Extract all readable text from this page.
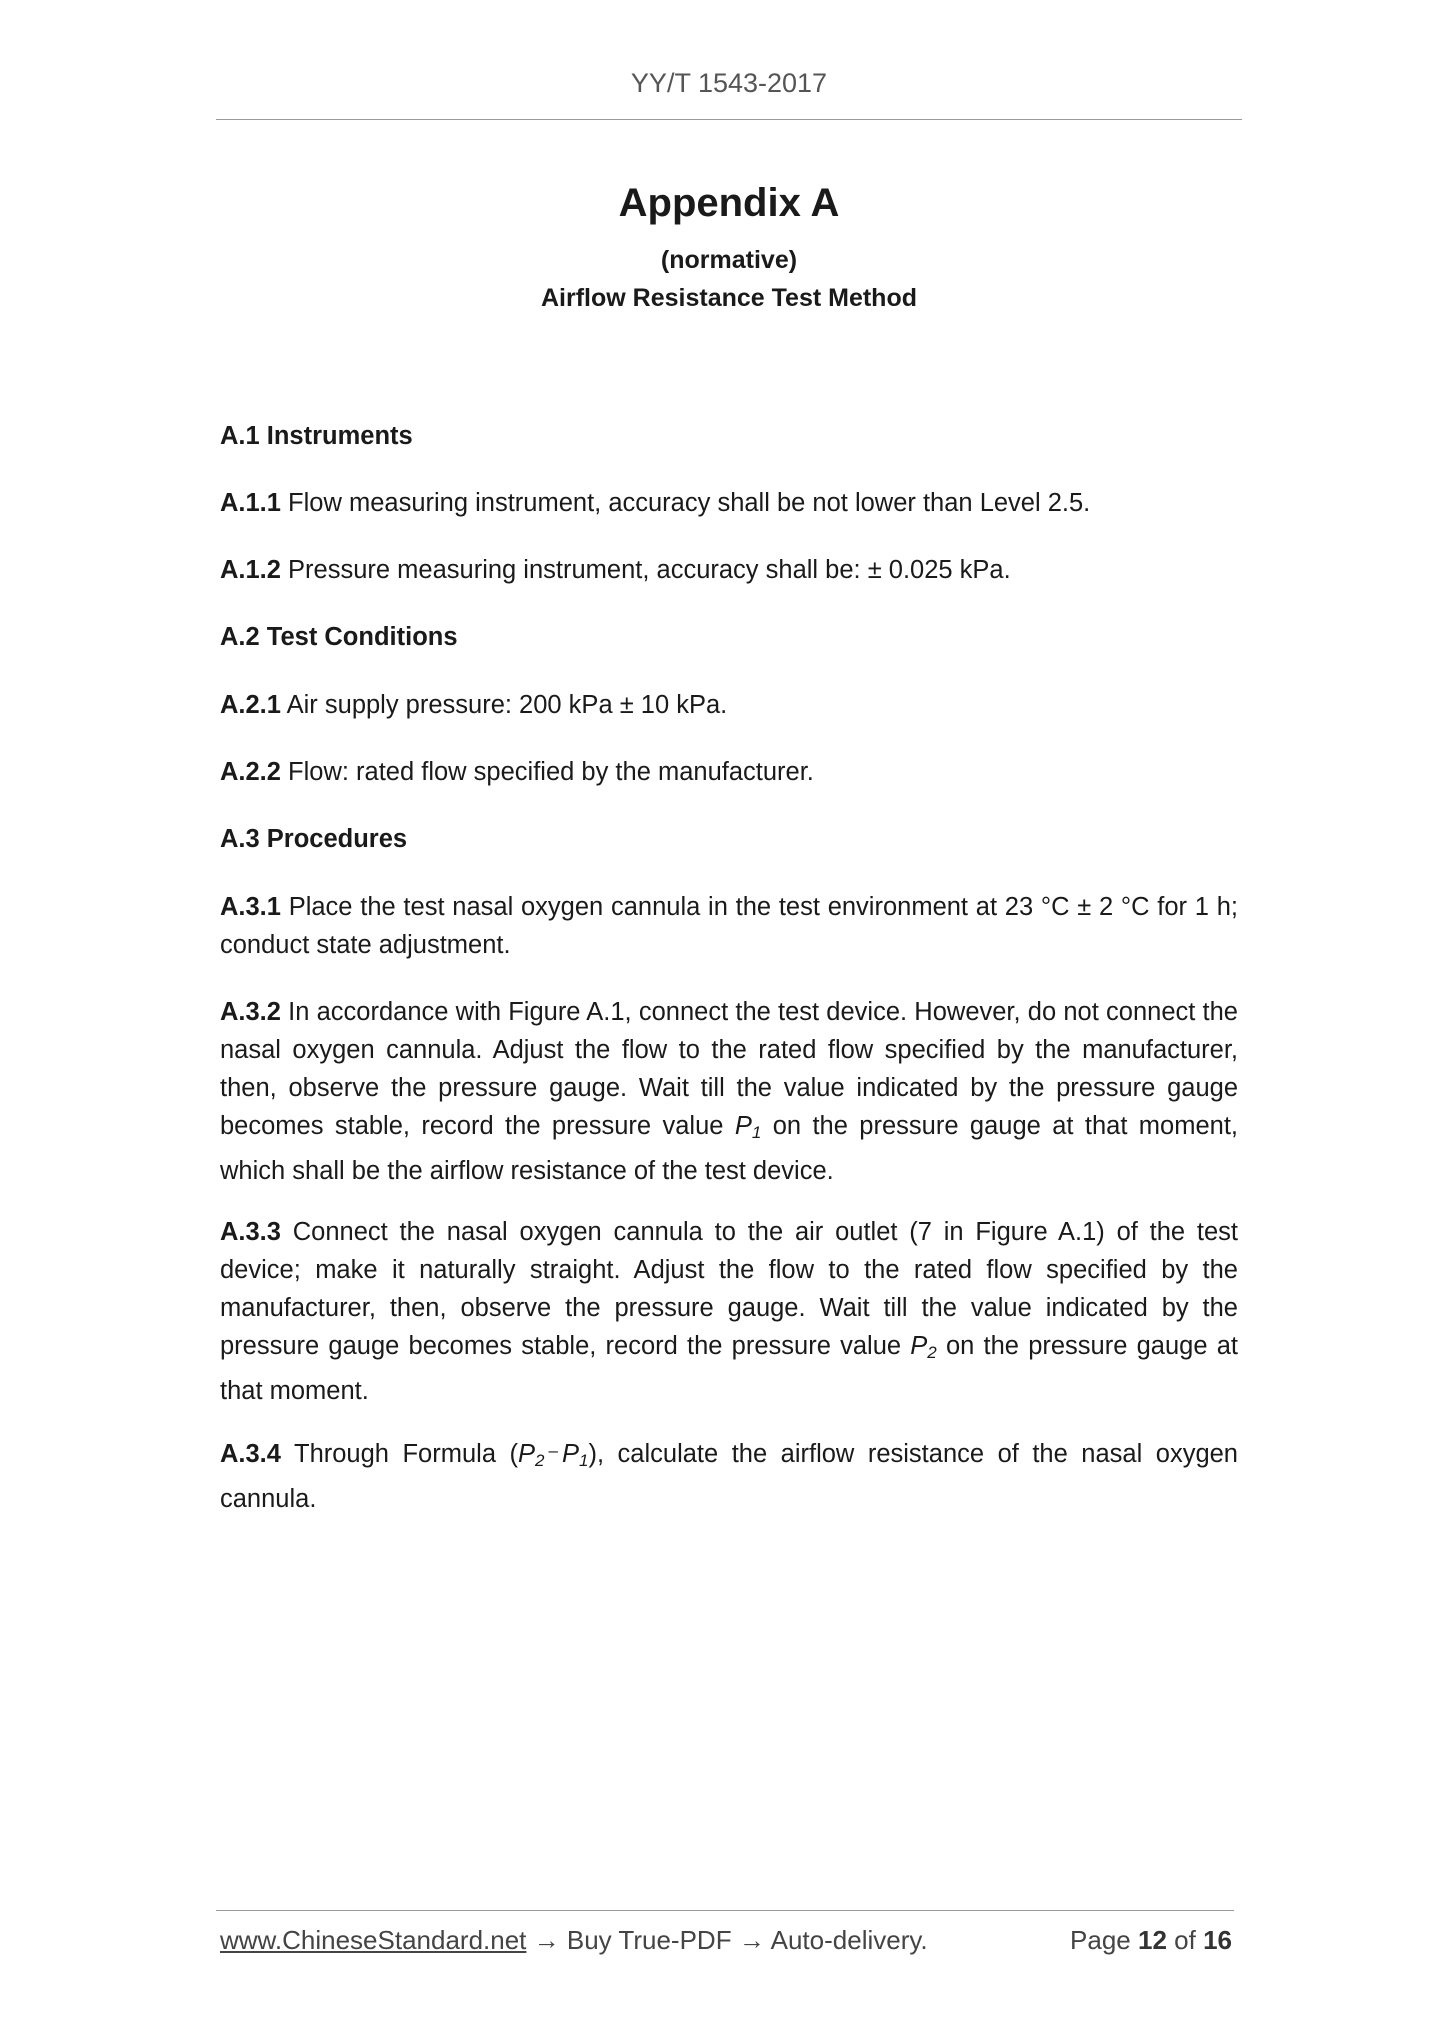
YY/T 1543-2017
Appendix A
(normative)
Airflow Resistance Test Method
A.1 Instruments
A.1.1 Flow measuring instrument, accuracy shall be not lower than Level 2.5.
A.1.2 Pressure measuring instrument, accuracy shall be: ± 0.025 kPa.
A.2 Test Conditions
A.2.1 Air supply pressure: 200 kPa ± 10 kPa.
A.2.2 Flow: rated flow specified by the manufacturer.
A.3 Procedures
A.3.1 Place the test nasal oxygen cannula in the test environment at 23 °C ± 2 °C for 1 h; conduct state adjustment.
A.3.2 In accordance with Figure A.1, connect the test device. However, do not connect the nasal oxygen cannula. Adjust the flow to the rated flow specified by the manufacturer, then, observe the pressure gauge. Wait till the value indicated by the pressure gauge becomes stable, record the pressure value $P_1$ on the pressure gauge at that moment, which shall be the airflow resistance of the test device.
A.3.3 Connect the nasal oxygen cannula to the air outlet (7 in Figure A.1) of the test device; make it naturally straight. Adjust the flow to the rated flow specified by the manufacturer, then, observe the pressure gauge. Wait till the value indicated by the pressure gauge becomes stable, record the pressure value $P_2$ on the pressure gauge at that moment.
A.3.4 Through Formula ($P_2^-$ $P_1$), calculate the airflow resistance of the nasal oxygen cannula.
www.ChineseStandard.net → Buy True-PDF → Auto-delivery.	Page 12 of 16
